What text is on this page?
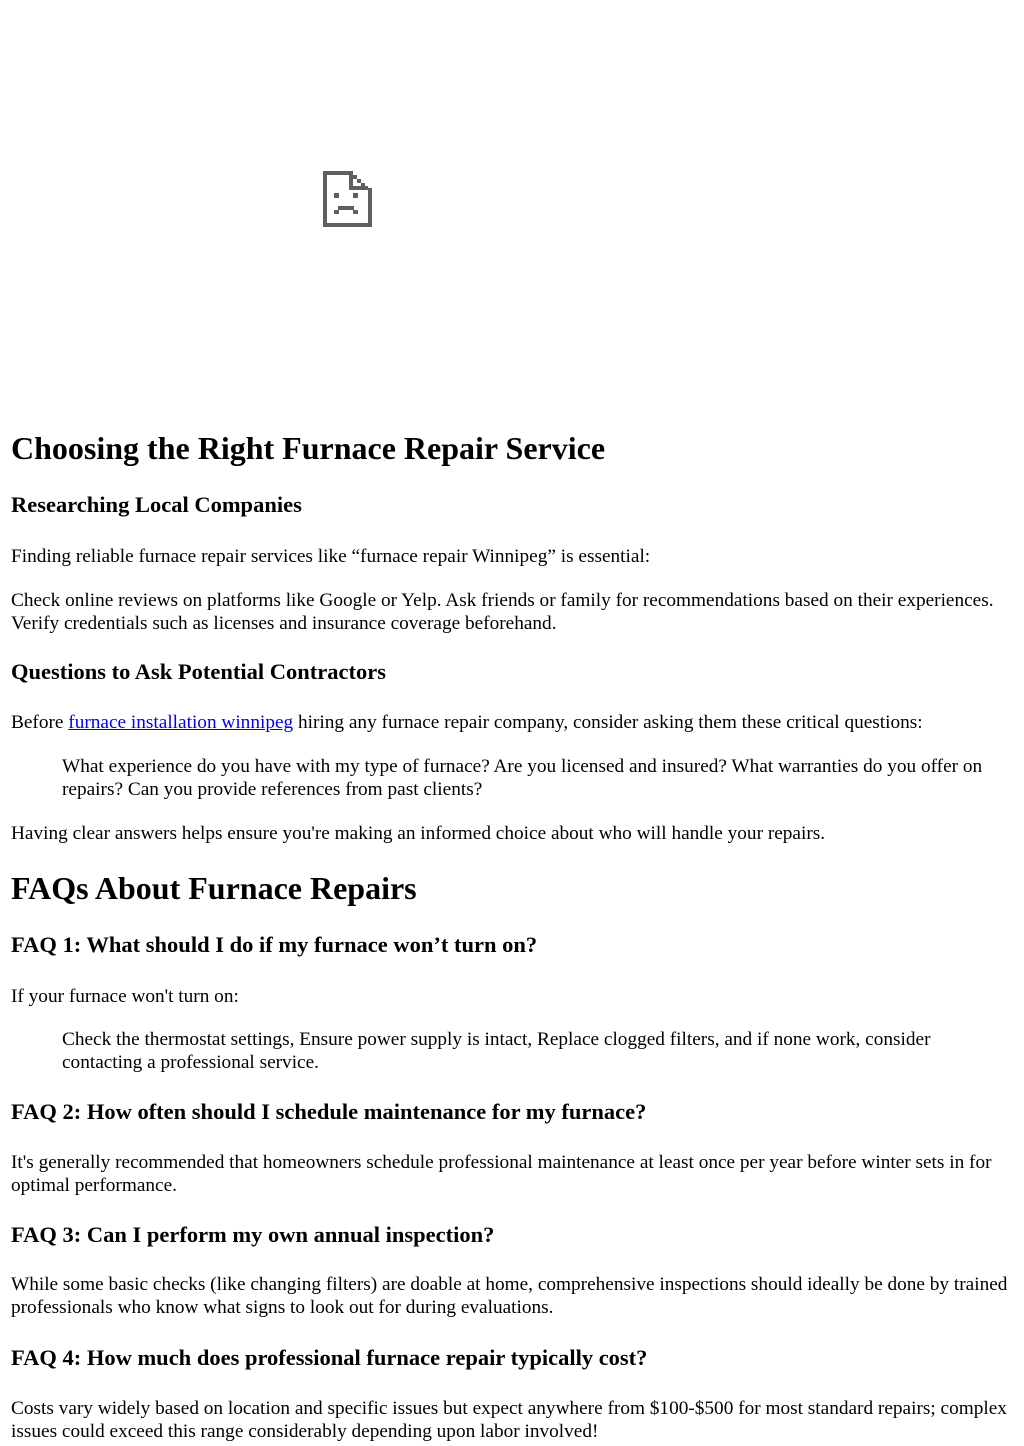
Choosing the Right Furnace Repair Service
Researching Local Companies

Finding reliable furnace repair services like “furnace repair Winnipeg” is essential:

Check online reviews on platforms like Google or Yelp. Ask friends or family for recommendations based on their experiences. Verify credentials such as licenses and insurance coverage beforehand.

Questions to Ask Potential Contractors

Before furnace installation winnipeg hiring any furnace repair company, consider asking them these critical questions:

What experience do you have with my type of furnace? Are you licensed and insured? What warranties do you offer on repairs? Can you provide references from past clients?

Having clear answers helps ensure you're making an informed choice about who will handle your repairs.

FAQs About Furnace Repairs
FAQ 1: What should I do if my furnace won’t turn on?

If your furnace won't turn on:

Check the thermostat settings, Ensure power supply is intact, Replace clogged filters, and if none work, consider contacting a professional service.
FAQ 2: How often should I schedule maintenance for my furnace?

It's generally recommended that homeowners schedule professional maintenance at least once per year before winter sets in for optimal performance.

FAQ 3: Can I perform my own annual inspection?

While some basic checks (like changing filters) are doable at home, comprehensive inspections should ideally be done by trained professionals who know what signs to look out for during evaluations.

FAQ 4: How much does professional furnace repair typically cost?

Costs vary widely based on location and specific issues but expect anywhere from $100-$500 for most standard repairs; complex issues could exceed this range considerably depending upon labor involved!
